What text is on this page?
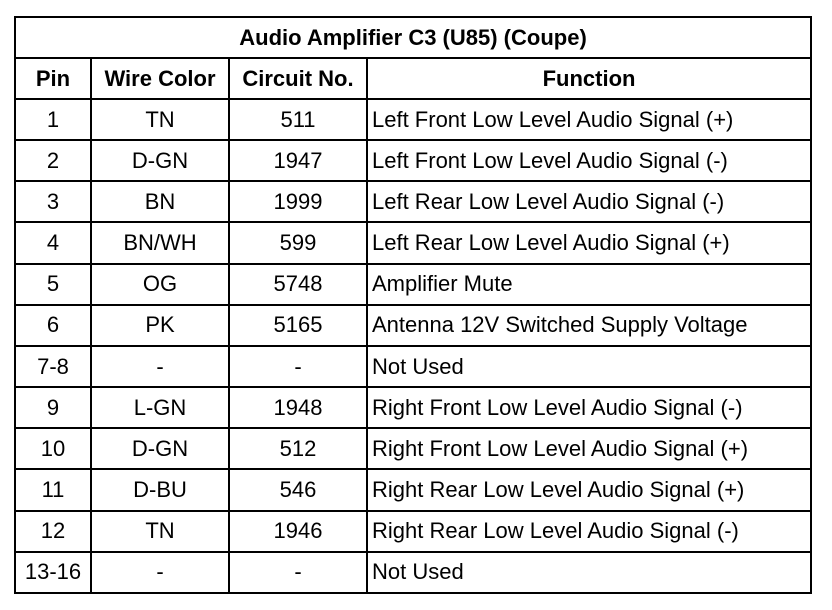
Audio Amplifier C3 (U85) (Coupe)			
Pin	Wire Color	Circuit No.	Function
1	TN	511	Left Front Low Level Audio Signal (+)
2	D-GN	1947	Left Front Low Level Audio Signal (-)
3	BN	1999	Left Rear Low Level Audio Signal (-)
4	BN/WH	599	Left Rear Low Level Audio Signal (+)
5	OG	5748	Amplifier Mute
6	PK	5165	Antenna 12V Switched Supply Voltage
7-8	-	-	Not Used
9	L-GN	1948	Right Front Low Level Audio Signal (-)
10	D-GN	512	Right Front Low Level Audio Signal (+)
11	D-BU	546	Right Rear Low Level Audio Signal (+)
12	TN	1946	Right Rear Low Level Audio Signal (-)
13-16	-	-	Not Used
